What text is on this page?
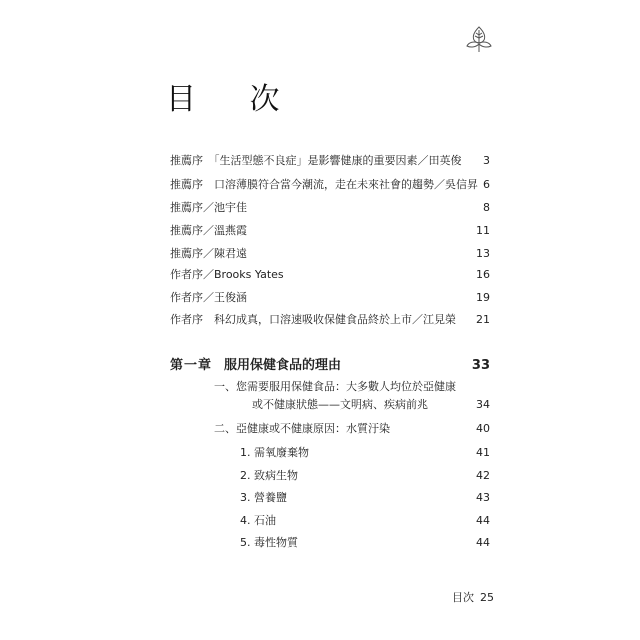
目 次
推薦序　「生活型態不良症」是影響健康的重要因素／田英俊 3
推薦序　口溶薄膜符合當今潮流，走在未來社會的趨勢／吳信昇 6
推薦序／池宇佳	8
推薦序／溫燕霞	11
推薦序／陳君遠	13
作者序／Brooks Yates	16
作者序／王俊涵	19
作者序　科幻成真，口溶速吸收保健食品終於上市／江見榮 21
第一章 服用保健食品的理由	33
一、您需要服用保健食品：大多數人均位於亞健康
或不健康狀態——文明病、疾病前兆	34
二、亞健康或不健康原因：水質汙染	40
1. 需氧廢棄物	41
2. 致病生物	42
3. 營養鹽	43
4. 石油	44
5. 毒性物質	44
目次 25
